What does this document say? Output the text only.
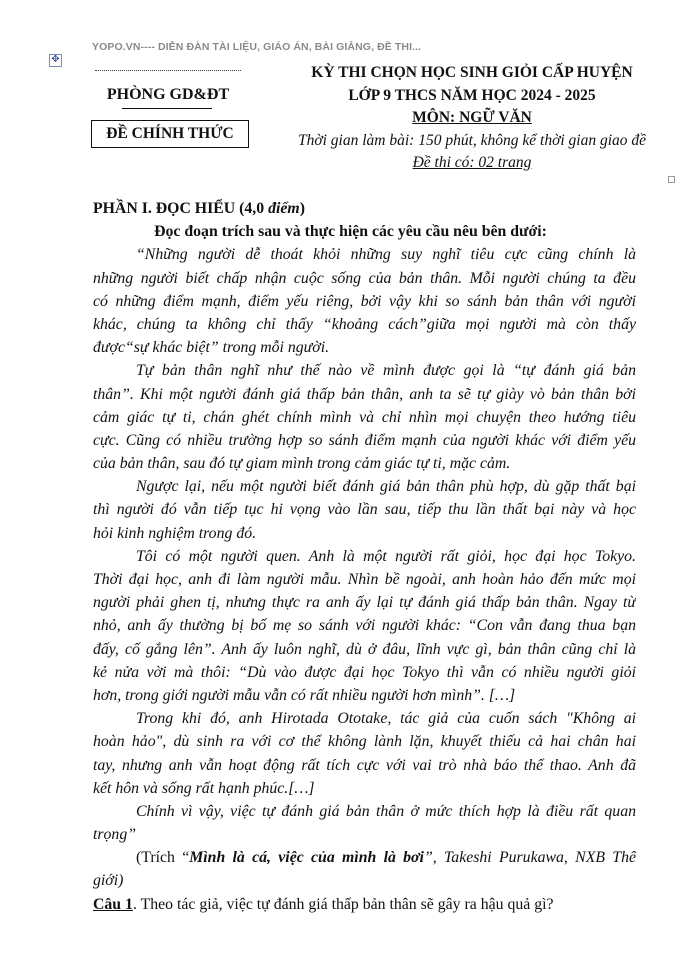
YOPO.VN---- DIỄN ĐÀN TÀI LIỆU, GIÁO ÁN, BÀI GIẢNG, ĐỀ THI...
✥
PHÒNG GD&ĐT
ĐỀ CHÍNH THỨC
KỲ THI CHỌN HỌC SINH GIỎI CẤP HUYỆN
LỚP 9 THCS NĂM HỌC 2024 - 2025
MÔN: NGỮ VĂN
Thời gian làm bài: 150 phút, không kể thời gian giao đề
Đề thi có: 02 trang
PHẦN I. ĐỌC HIỂU (4,0 điểm)
Đọc đoạn trích sau và thực hiện các yêu cầu nêu bên dưới:
“Những người dễ thoát khỏi những suy nghĩ tiêu cực cũng chính là
những người biết chấp nhận cuộc sống của bản thân. Mỗi người chúng ta đều
có những điểm mạnh, điểm yếu riêng, bởi vậy khi so sánh bản thân với người
khác, chúng ta không chỉ thấy “khoảng cách”giữa mọi người mà còn thấy
được“sự khác biệt” trong mỗi người.
Tự bản thân nghĩ như thế nào về mình được gọi là “tự đánh giá bản
thân”. Khi một người đánh giá thấp bản thân, anh ta sẽ tự giày vò bản thân bởi
cảm giác tự ti, chán ghét chính mình và chỉ nhìn mọi chuyện theo hướng tiêu
cực. Cũng có nhiều trường hợp so sánh điểm mạnh của người khác với điểm yếu
của bản thân, sau đó tự giam mình trong cảm giác tự ti, mặc cảm.
Ngược lại, nếu một người biết đánh giá bản thân phù hợp, dù gặp thất bại
thì người đó vẫn tiếp tục hi vọng vào lần sau, tiếp thu lần thất bại này và học
hỏi kinh nghiệm trong đó.
Tôi có một người quen. Anh là một người rất giỏi, học đại học Tokyo.
Thời đại học, anh đi làm người mẫu. Nhìn bề ngoài, anh hoàn hảo đến mức mọi
người phải ghen tị, nhưng thực ra anh ấy lại tự đánh giá thấp bản thân. Ngay từ
nhỏ, anh ấy thường bị bố mẹ so sánh với người khác: “Con vẫn đang thua bạn
đấy, cố gắng lên”. Anh ấy luôn nghĩ, dù ở đâu, lĩnh vực gì, bản thân cũng chỉ là
kẻ nửa vời mà thôi: “Dù vào được đại học Tokyo thì vẫn có nhiều người giỏi
hơn, trong giới người mẫu vẫn có rất nhiều người hơn mình”. […]
Trong khi đó, anh Hirotada Ototake, tác giả của cuốn sách "Không ai
hoàn hảo", dù sinh ra với cơ thể không lành lặn, khuyết thiếu cả hai chân hai
tay, nhưng anh vẫn hoạt động rất tích cực với vai trò nhà báo thể thao. Anh đã
kết hôn và sống rất hạnh phúc.[…]
Chính vì vậy, việc tự đánh giá bản thân ở mức thích hợp là điều rất quan
trọng”
(Trích “Mình là cá, việc của mình là bơi”, Takeshi Purukawa, NXB Thế
giới)
Câu 1. Theo tác giả, việc tự đánh giá thấp bản thân sẽ gây ra hậu quả gì?
